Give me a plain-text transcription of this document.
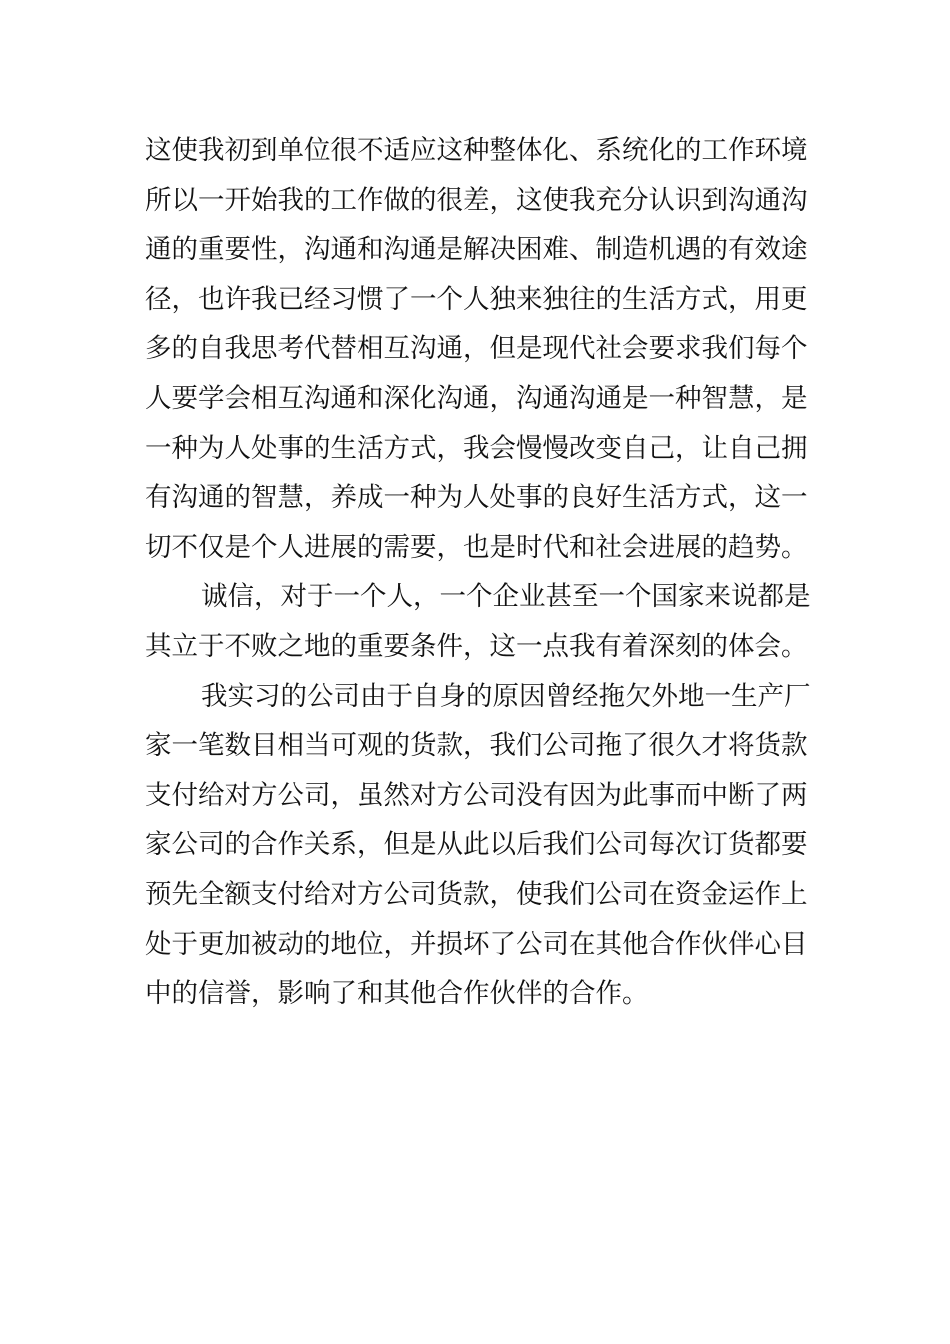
这使我初到单位很不适应这种整体化、系统化的工作环境
所以一开始我的工作做的很差，这使我充分认识到沟通沟
通的重要性，沟通和沟通是解决困难、制造机遇的有效途
径，也许我已经习惯了一个人独来独往的生活方式，用更
多的自我思考代替相互沟通，但是现代社会要求我们每个
人要学会相互沟通和深化沟通，沟通沟通是一种智慧，是
一种为人处事的生活方式，我会慢慢改变自己，让自己拥
有沟通的智慧，养成一种为人处事的良好生活方式，这一
切不仅是个人进展的需要，也是时代和社会进展的趋势。
诚信，对于一个人，一个企业甚至一个国家来说都是
其立于不败之地的重要条件，这一点我有着深刻的体会。
我实习的公司由于自身的原因曾经拖欠外地一生产厂
家一笔数目相当可观的货款，我们公司拖了很久才将货款
支付给对方公司，虽然对方公司没有因为此事而中断了两
家公司的合作关系，但是从此以后我们公司每次订货都要
预先全额支付给对方公司货款，使我们公司在资金运作上
处于更加被动的地位，并损坏了公司在其他合作伙伴心目
中的信誉，影响了和其他合作伙伴的合作。
